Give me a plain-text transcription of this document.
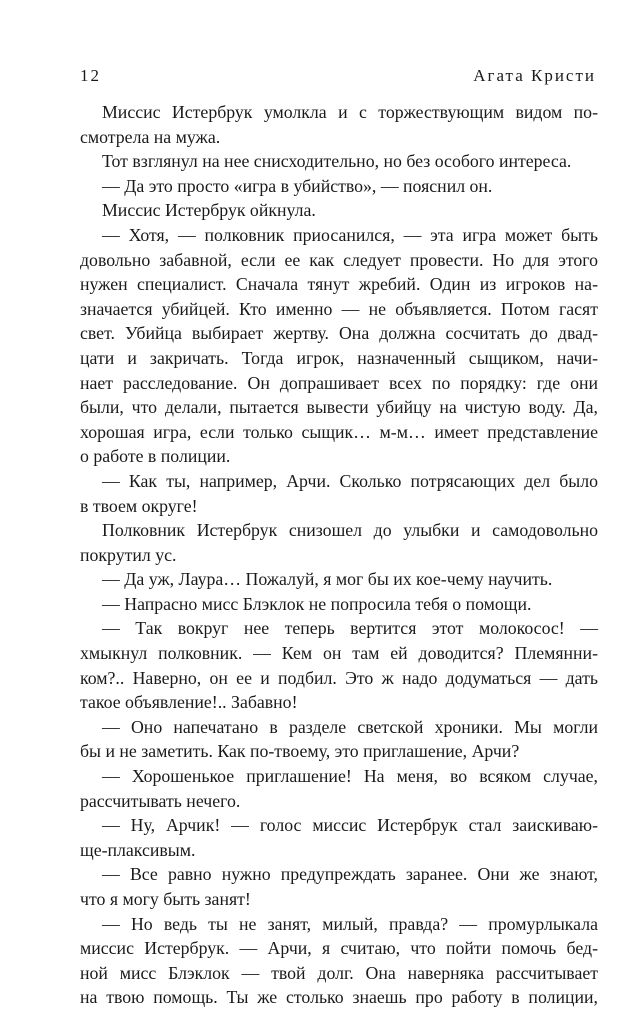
12	Агата Кристи
Миссис Истербрук умолкла и с торжествующим видом по-
смотрела на мужа.
Тот взглянул на нее снисходительно, но без особого интереса.
— Да это просто «игра в убийство», — пояснил он.
Миссис Истербрук ойкнула.
— Хотя, — полковник приосанился, — эта игра может быть
довольно забавной, если ее как следует провести. Но для этого
нужен специалист. Сначала тянут жребий. Один из игроков на-
значается убийцей. Кто именно — не объявляется. Потом гасят
свет. Убийца выбирает жертву. Она должна сосчитать до двад-
цати и закричать. Тогда игрок, назначенный сыщиком, начи-
нает расследование. Он допрашивает всех по порядку: где они
были, что делали, пытается вывести убийцу на чистую воду. Да,
хорошая игра, если только сыщик… м-м… имеет представление
о работе в полиции.
— Как ты, например, Арчи. Сколько потрясающих дел было
в твоем округе!
Полковник Истербрук снизошел до улыбки и самодовольно
покрутил ус.
— Да уж, Лаура… Пожалуй, я мог бы их кое-чему научить.
— Напрасно мисс Блэклок не попросила тебя о помощи.
— Так вокруг нее теперь вертится этот молокосос! —
хмыкнул полковник. — Кем он там ей доводится? Племянни-
ком?.. Наверно, он ее и подбил. Это ж надо додуматься — дать
такое объявление!.. Забавно!
— Оно напечатано в разделе светской хроники. Мы могли
бы и не заметить. Как по-твоему, это приглашение, Арчи?
— Хорошенькое приглашение! На меня, во всяком случае,
рассчитывать нечего.
— Ну, Арчик! — голос миссис Истербрук стал заискиваю-
ще-плаксивым.
— Все равно нужно предупреждать заранее. Они же знают,
что я могу быть занят!
— Но ведь ты не занят, милый, правда? — промурлыкала
миссис Истербрук. — Арчи, я считаю, что пойти помочь бед-
ной мисс Блэклок — твой долг. Она наверняка рассчитывает
на твою помощь. Ты же столько знаешь про работу в полиции,
